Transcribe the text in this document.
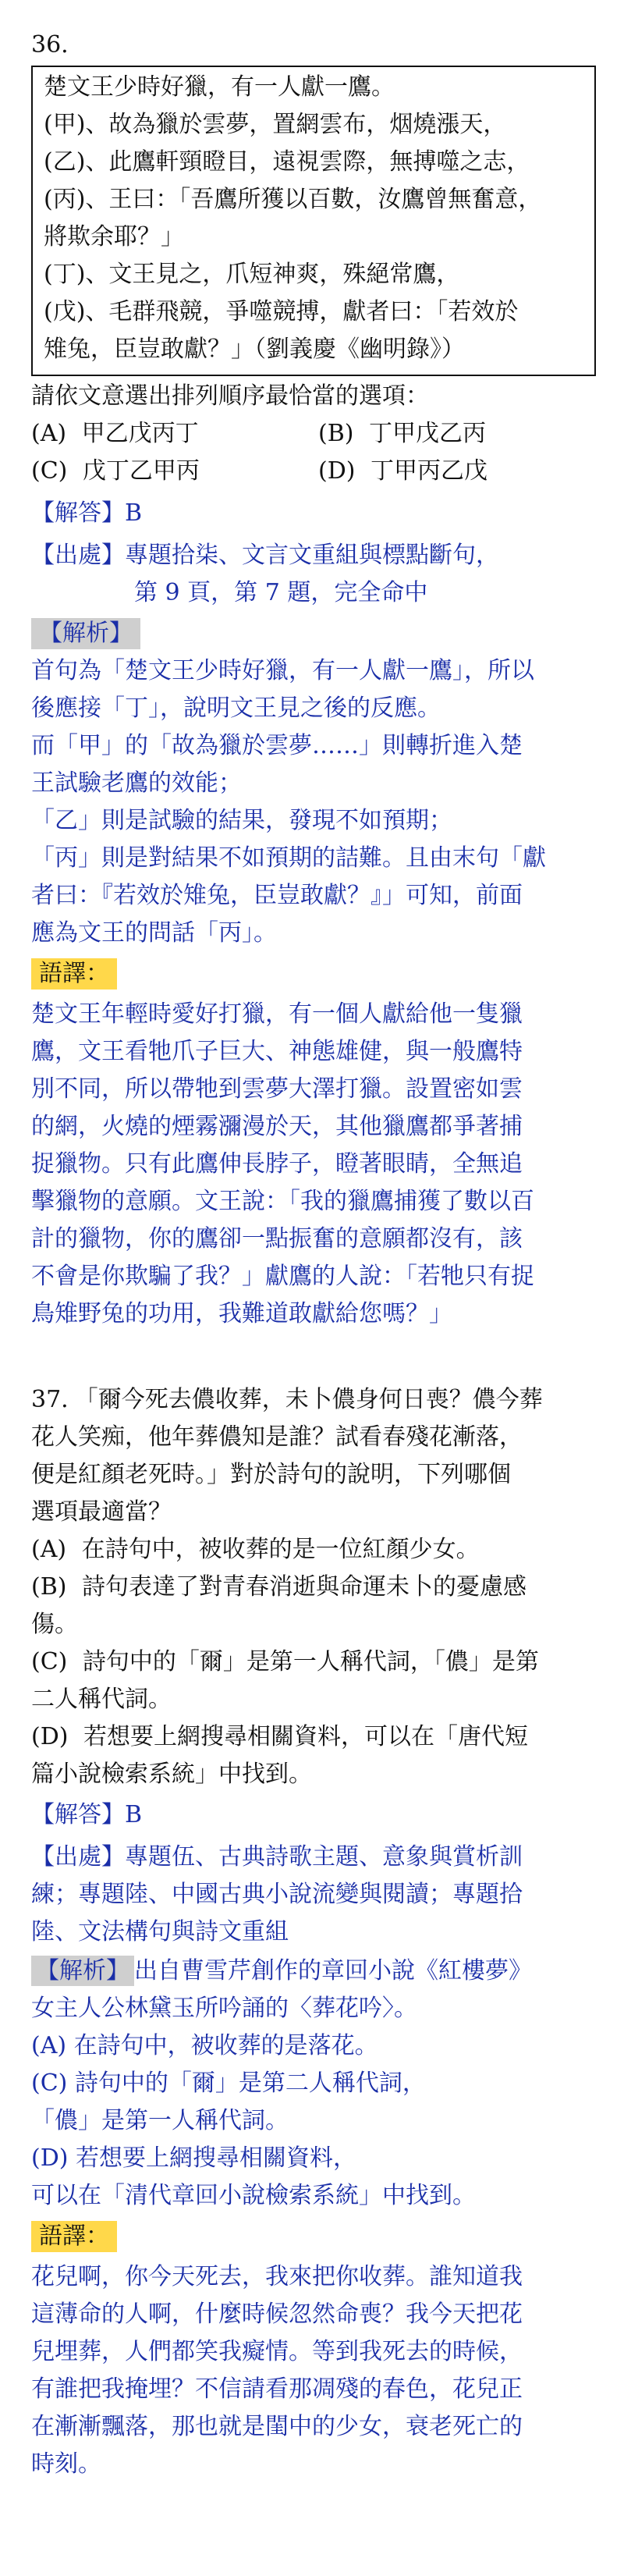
36.
楚文王少時好獵，有一人獻一鷹。
(甲)、故為獵於雲夢，置網雲布，烟燒漲天，
(乙)、此鷹軒頸瞪目，遠視雲際，無搏噬之志，
(丙)、王曰：「吾鷹所獲以百數，汝鷹曾無奮意，
將欺余耶？」
(丁)、文王見之，爪短神爽，殊絕常鷹，
(戊)、毛群飛競，爭噬競搏，獻者曰：「若效於
雉兔，臣豈敢獻？」（劉義慶《幽明錄》）
請依文意選出排列順序最恰當的選項：
(A) 甲乙戊丙丁	(B) 丁甲戊乙丙
(C) 戊丁乙甲丙	(D) 丁甲丙乙戊
【解答】B
【出處】專題拾柒、文言文重組與標點斷句，
第 9 頁，第 7 題，完全命中
【解析】
首句為「楚文王少時好獵，有一人獻一鷹」，所以
後應接「丁」，說明文王見之後的反應。
而「甲」的「故為獵於雲夢……」則轉折進入楚
王試驗老鷹的效能；
「乙」則是試驗的結果，發現不如預期；
「丙」則是對結果不如預期的詰難。且由末句「獻
者曰：『若效於雉兔，臣豈敢獻？』」可知，前面
應為文王的問話「丙」。
語譯：
楚文王年輕時愛好打獵，有一個人獻給他一隻獵
鷹，文王看牠爪子巨大、神態雄健，與一般鷹特
別不同，所以帶牠到雲夢大澤打獵。設置密如雲
的網，火燒的煙霧瀰漫於天，其他獵鷹都爭著捕
捉獵物。只有此鷹伸長脖子，瞪著眼睛，全無追
擊獵物的意願。文王說：「我的獵鷹捕獲了數以百
計的獵物，你的鷹卻一點振奮的意願都沒有，該
不會是你欺騙了我？」獻鷹的人說：「若牠只有捉
鳥雉野兔的功用，我難道敢獻給您嗎？」
37. 「爾今死去儂收葬，未卜儂身何日喪？儂今葬
花人笑痴，他年葬儂知是誰？試看春殘花漸落，
便是紅顏老死時。」對於詩句的說明，下列哪個
選項最適當？
(A) 在詩句中，被收葬的是一位紅顏少女。
(B) 詩句表達了對青春消逝與命運未卜的憂慮感
傷。
(C) 詩句中的「爾」是第一人稱代詞，「儂」是第
二人稱代詞。
(D) 若想要上網搜尋相關資料，可以在「唐代短
篇小說檢索系統」中找到。
【解答】B
【出處】專題伍、古典詩歌主題、意象與賞析訓
練；專題陸、中國古典小說流變與閱讀；專題拾
陸、文法構句與詩文重組
【解析】 出自曹雪芹創作的章回小說《紅樓夢》
女主人公林黛玉所吟誦的〈葬花吟〉。
(A) 在詩句中，被收葬的是落花。
(C) 詩句中的「爾」是第二人稱代詞，
「儂」是第一人稱代詞。
(D) 若想要上網搜尋相關資料，
可以在「清代章回小說檢索系統」中找到。
語譯：
花兒啊，你今天死去，我來把你收葬。誰知道我
這薄命的人啊，什麼時候忽然命喪？我今天把花
兒埋葬，人們都笑我癡情。等到我死去的時候，
有誰把我掩埋？不信請看那凋殘的春色，花兒正
在漸漸飄落，那也就是閨中的少女，衰老死亡的
時刻。
